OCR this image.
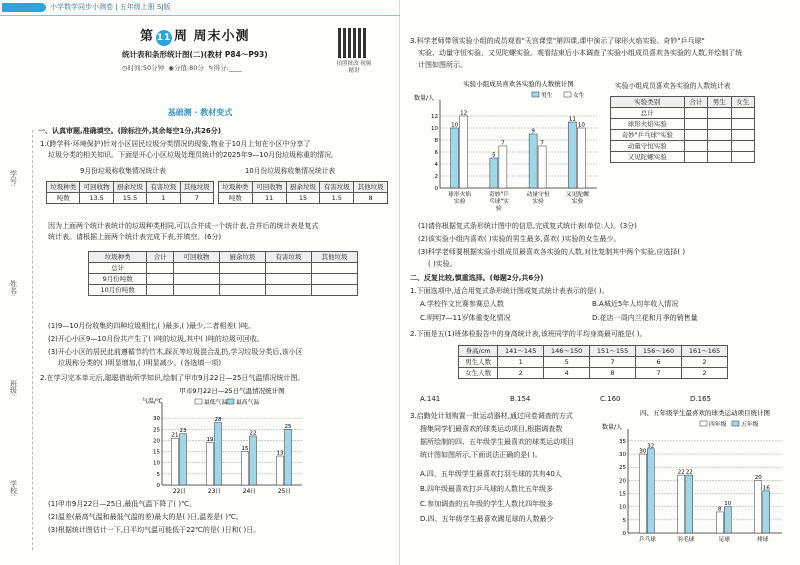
小学数学同步小测卷 | 五年级上册 SJ版
学号:
姓名:
班级:
学校:
第 11 周 周末小测
统计表和条形统计图(二)(教材 P84～P93)
◷时间:50分钟 ◉分值:80分 ✎得分:____	拍照批改 视频精讲
基础测 · 教材变式
一、认真审题,准确填空。(除标注外,其余每空1分,共26分)
1.(跨学科·环境保护)针对小区居民垃圾分类情况的现象,物业于10月上旬在小区中分享了
垃圾分类的相关知识。下面是开心小区垃圾处理员统计的2025年9—10月份垃圾称重的情况。
9月份垃圾称收集情况统计表
垃圾种类	可回收物	厨余垃圾	有害垃圾	其他垃圾
吨数	13.5	15.5	1	7
10月份垃圾称收集情况统计表
垃圾种类	可回收物	厨余垃圾	有害垃圾	其他垃圾
吨数	11	15	1.5	8
因为上面两个统计表统计的垃圾种类相同,可以合并成一个统计表,合并后的统计表是复式
统计表。请根据上面两个统计表完成下表,并填空。(6分)
垃圾种类	合计	可回收物	厨余垃圾	有害垃圾	其他垃圾
总计					
9月份吨数					
10月份吨数					
(1)9—10月份收集的四种垃圾相比,( )最多,( )最少,二者相差( )吨。
(2)开心小区9—10月份共产生了( )吨的垃圾,其中( )吨的垃圾可回收。
(3)开心小区的居民此前遵循节约竹木,踩瓦等垃圾混合乱扔,学习垃圾分类后,该小区
垃圾称分类的( )明显增加,( )明显减少。(各选填一项)
2.在学习完本单元后,聪聪借助所学知识,绘制了甲市9月22日—25日气温情况统计图。
甲市9月22日—25日气温情况统计图
气温/℃
0
5
10
15
20
25
30
最低气温 最高气温
21
23
22日
19
28
23日
15
22
24日
13
25
25日
(1)甲市9月22日—25日,最低气温下降了( )℃。
(2)温差(最高气温和最低气温的差)最大的是( )日,温差是( )℃。
(3)根据统计图估计一下,日平均气温可能低于22℃的是( )日和( )日。
3.科学老师带领实验小组的成员观看"天宫课堂"第四课,课中演示了球形火焰实验、奇妙"乒乓球"
实验、动量守恒实验、又见陀螺实验。观看结束后小本调查了实验小组成员喜欢各实验的人数,并绘制了统
计图如图所示。
实验小组成员喜欢各实验的人数统计图
数量/人
0
2
4
6
8
10
12
男生	女生
10
12
球形火焰
实验
5
7
奇妙"乒
乓球"实
验
9
7
动量守恒
实验
11
10
又见陀螺
实验
实验小组成员喜欢各实验的人数统计表
实验类别	合计	男生	女生
总计			
球形火焰实验			
奇妙"乒乓球"实验			
动量守恒实验			
又见陀螺实验			
(1)请你根据复式条形统计图中的信息,完成复式统计表(单位:人)。(3分)
(2)该实验小组内喜欢( )实验的男生最多,喜欢( )实验的女生最少。
(3)科学老师要根据实验小组成员最喜欢各实验的人数,对比复制其中两个实验,应选择( )
( )实验。
二、反复比较,慎重选择。(每题2分,共6分)
1.下面选项中,适合用复式条形统计图或复式统计表表示的是( )。
A.学校作文比赛参赛总人数	B.A城近5年人均年收入情况
C.明明7—11岁体重变化情况	D.花店一周内兰花和月季的销售量
2.下面是五(1)班体检报告中的身高统计表,该班同学的平均身高最可能是( )。
身高/cm	141～145	146～150	151～155	156～160	161～165
男生人数	1	5	7	6	2
女生人数	2	4	8	7	2
A.141	B.154	C.160	D.165
3.启勤处计划购置一批运动器材,通过问卷调查的方式
搜集同学们最喜欢的球类运动项目,根据调查数
据所绘制的四、五年级学生最喜欢的球类运动项目
统计图如图所示,下面说法正确的是( )。
A.四、五年级学生最喜欢打羽毛球的共有40人
B.四年级最喜欢打乒乓球的人数比五年级多
C.参加调查的五年级的学生人数比四年级多
D.四、五年级学生最喜欢踢足球的人数最少
四、五年级学生最喜欢的球类运动项目统计图
数量/人
0
5
10
15
20
25
30
35
四年级	五年级
30
32
乒乓球
22 22
羽毛球
8
10
足球
20
16
排球
